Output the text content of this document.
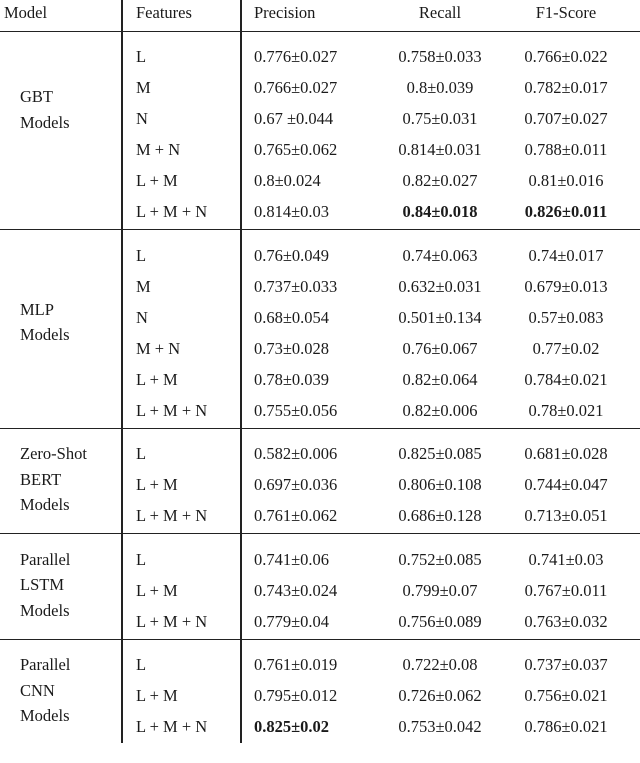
Model	Features	Precision	Recall	F1-Score
GBT
Models
L	0.776±0.027	0.758±0.033	0.766±0.022
M	0.766±0.027	0.8±0.039	0.782±0.017
N	0.67 ±0.044	0.75±0.031	0.707±0.027
M + N	0.765±0.062	0.814±0.031	0.788±0.011
L + M	0.8±0.024	0.82±0.027	0.81±0.016
L + M + N	0.814±0.03	0.84±0.018	0.826±0.011
MLP
Models
L	0.76±0.049	0.74±0.063	0.74±0.017
M	0.737±0.033	0.632±0.031	0.679±0.013
N	0.68±0.054	0.501±0.134	0.57±0.083
M + N	0.73±0.028	0.76±0.067	0.77±0.02
L + M	0.78±0.039	0.82±0.064	0.784±0.021
L + M + N	0.755±0.056	0.82±0.006	0.78±0.021
Zero-Shot
BERT
Models
L	0.582±0.006	0.825±0.085	0.681±0.028
L + M	0.697±0.036	0.806±0.108	0.744±0.047
L + M + N	0.761±0.062	0.686±0.128	0.713±0.051
Parallel
LSTM
Models
L	0.741±0.06	0.752±0.085	0.741±0.03
L + M	0.743±0.024	0.799±0.07	0.767±0.011
L + M + N	0.779±0.04	0.756±0.089	0.763±0.032
Parallel
CNN
Models
L	0.761±0.019	0.722±0.08	0.737±0.037
L + M	0.795±0.012	0.726±0.062	0.756±0.021
L + M + N	0.825±0.02	0.753±0.042	0.786±0.021
